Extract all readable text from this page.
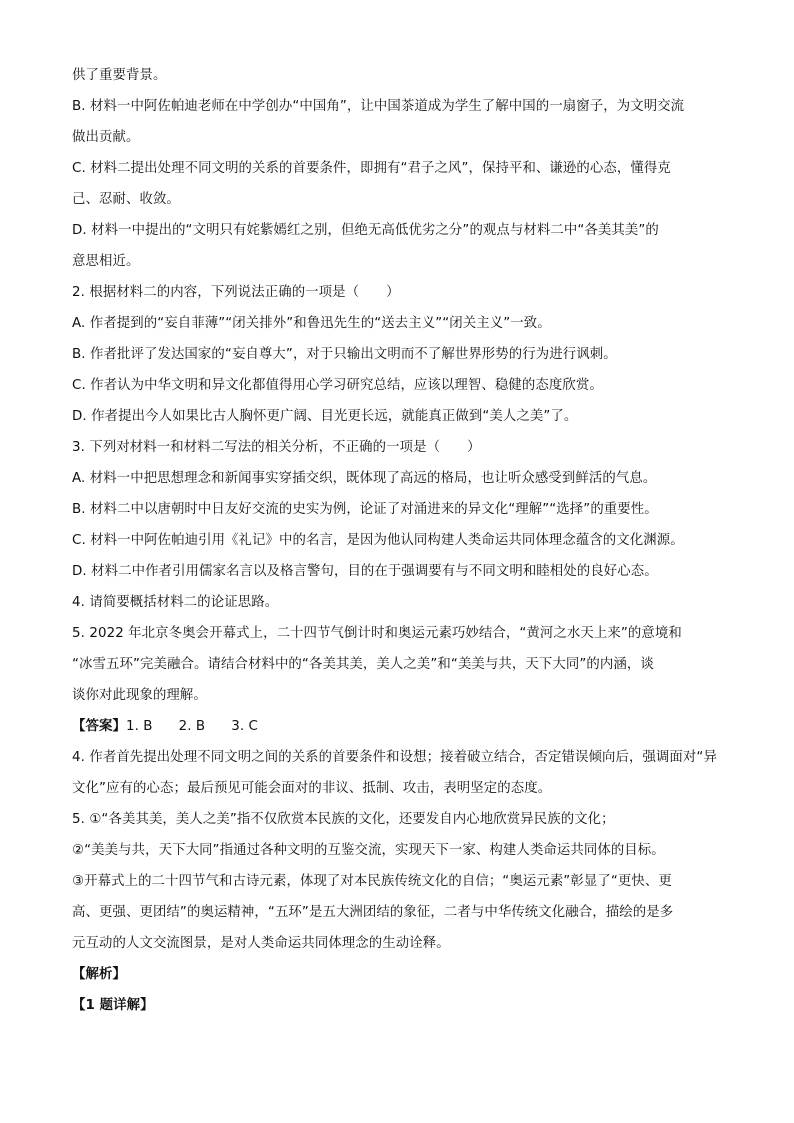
供了重要背景。
B. 材料一中阿佐帕迪老师在中学创办“中国角”，让中国茶道成为学生了解中国的一扇窗子，为文明交流
做出贡献。
C. 材料二提出处理不同文明的关系的首要条件，即拥有“君子之风”，保持平和、谦逊的心态，懂得克
己、忍耐、收敛。
D. 材料一中提出的“文明只有姹紫嫣红之别，但绝无高低优劣之分”的观点与材料二中“各美其美”的
意思相近。
2. 根据材料二的内容，下列说法正确的一项是（　　）
A. 作者提到的“妄自菲薄”“闭关排外”和鲁迅先生的“送去主义”“闭关主义”一致。
B. 作者批评了发达国家的“妄自尊大”，对于只输出文明而不了解世界形势的行为进行讽刺。
C. 作者认为中华文明和异文化都值得用心学习研究总结，应该以理智、稳健的态度欣赏。
D. 作者提出今人如果比古人胸怀更广阔、目光更长远，就能真正做到“美人之美”了。
3. 下列对材料一和材料二写法的相关分析，不正确的一项是（　　）
A. 材料一中把思想理念和新闻事实穿插交织，既体现了高远的格局，也让听众感受到鲜活的气息。
B. 材料二中以唐朝时中日友好交流的史实为例，论证了对涌进来的异文化“理解”“选择”的重要性。
C. 材料一中阿佐帕迪引用《礼记》中的名言，是因为他认同构建人类命运共同体理念蕴含的文化渊源。
D. 材料二中作者引用儒家名言以及格言警句，目的在于强调要有与不同文明和睦相处的良好心态。
4. 请简要概括材料二的论证思路。
5. 2022 年北京冬奥会开幕式上，二十四节气倒计时和奥运元素巧妙结合，“黄河之水天上来”的意境和
“冰雪五环”完美融合。请结合材料中的“各美其美，美人之美”和“美美与共，天下大同”的内涵，谈
谈你对此现象的理解。
【答案】1. B 2. B 3. C
4. 作者首先提出处理不同文明之间的关系的首要条件和设想；接着破立结合，否定错误倾向后，强调面对“异
文化”应有的心态；最后预见可能会面对的非议、抵制、攻击，表明坚定的态度。
5. ①“各美其美，美人之美”指不仅欣赏本民族的文化，还要发自内心地欣赏异民族的文化；
②“美美与共，天下大同”指通过各种文明的互鉴交流，实现天下一家、构建人类命运共同体的目标。
③开幕式上的二十四节气和古诗元素，体现了对本民族传统文化的自信；“奥运元素”彰显了“更快、更
高、更强、更团结”的奥运精神，“五环”是五大洲团结的象征，二者与中华传统文化融合，描绘的是多
元互动的人文交流图景，是对人类命运共同体理念的生动诠释。
【解析】
【1 题详解】
